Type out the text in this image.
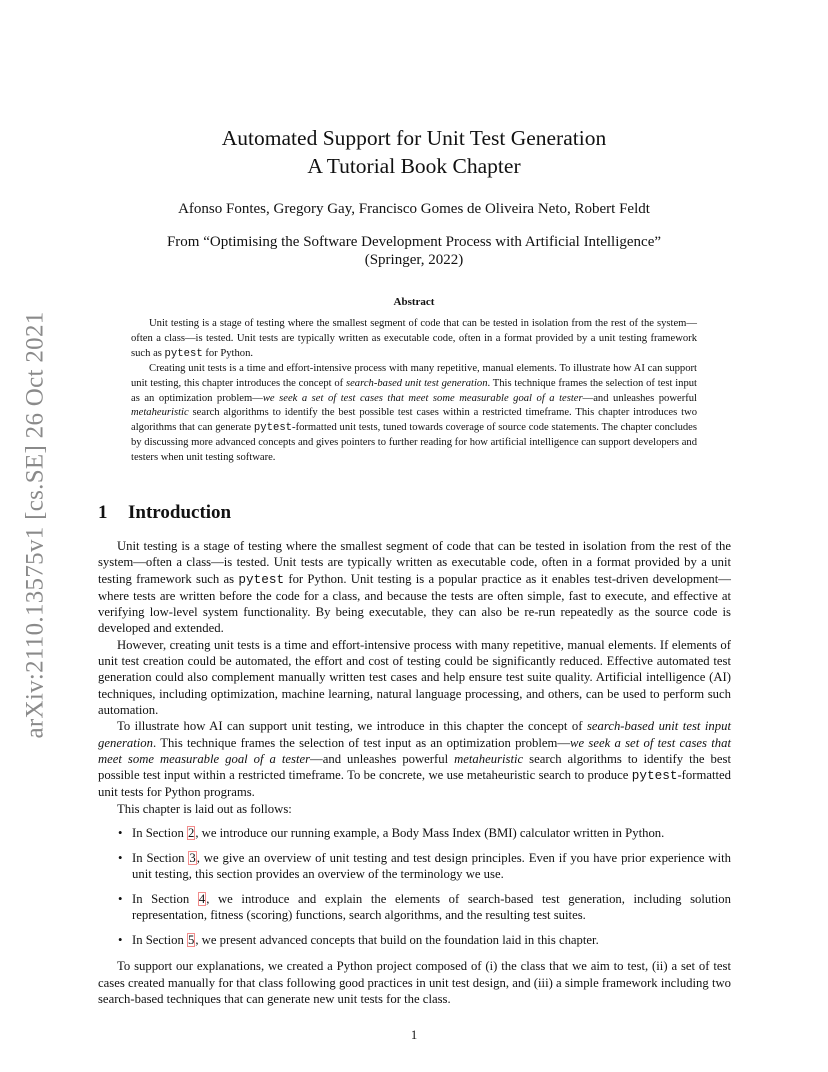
arXiv:2110.13575v1 [cs.SE] 26 Oct 2021
Automated Support for Unit Test Generation
A Tutorial Book Chapter
Afonso Fontes, Gregory Gay, Francisco Gomes de Oliveira Neto, Robert Feldt
From “Optimising the Software Development Process with Artificial Intelligence”
(Springer, 2022)
Abstract

Unit testing is a stage of testing where the smallest segment of code that can be tested in isolation from the rest of the system—often a class—is tested. Unit tests are typically written as executable code, often in a format provided by a unit testing framework such as pytest for Python.

Creating unit tests is a time and effort-intensive process with many repetitive, manual elements. To illustrate how AI can support unit testing, this chapter introduces the concept of search-based unit test generation. This technique frames the selection of test input as an optimization problem—we seek a set of test cases that meet some measurable goal of a tester—and unleashes powerful metaheuristic search algorithms to identify the best possible test cases within a restricted timeframe. This chapter introduces two algorithms that can generate pytest-formatted unit tests, tuned towards coverage of source code statements. The chapter concludes by discussing more advanced concepts and gives pointers to further reading for how artificial intelligence can support developers and testers when unit testing software.

1 Introduction

Unit testing is a stage of testing where the smallest segment of code that can be tested in isolation from the rest of the system—often a class—is tested. Unit tests are typically written as executable code, often in a format provided by a unit testing framework such as pytest for Python. Unit testing is a popular practice as it enables test-driven development—where tests are written before the code for a class, and because the tests are often simple, fast to execute, and effective at verifying low-level system functionality. By being executable, they can also be re-run repeatedly as the source code is developed and extended.

However, creating unit tests is a time and effort-intensive process with many repetitive, manual elements. If elements of unit test creation could be automated, the effort and cost of testing could be significantly reduced. Effective automated test generation could also complement manually written test cases and help ensure test suite quality. Artificial intelligence (AI) techniques, including optimization, machine learning, natural language processing, and others, can be used to perform such automation.

To illustrate how AI can support unit testing, we introduce in this chapter the concept of search-based unit test input generation. This technique frames the selection of test input as an optimization problem—we seek a set of test cases that meet some measurable goal of a tester—and unleashes powerful metaheuristic search algorithms to identify the best possible test input within a restricted timeframe. To be concrete, we use metaheuristic search to produce pytest-formatted unit tests for Python programs.

This chapter is laid out as follows:

• In Section 2, we introduce our running example, a Body Mass Index (BMI) calculator written in Python.
• In Section 3, we give an overview of unit testing and test design principles. Even if you have prior experience with unit testing, this section provides an overview of the terminology we use.
• In Section 4, we introduce and explain the elements of search-based test generation, including solution representation, fitness (scoring) functions, search algorithms, and the resulting test suites.
• In Section 5, we present advanced concepts that build on the foundation laid in this chapter.

To support our explanations, we created a Python project composed of (i) the class that we aim to test, (ii) a set of test cases created manually for that class following good practices in unit test design, and (iii) a simple framework including two search-based techniques that can generate new unit tests for the class.

1
